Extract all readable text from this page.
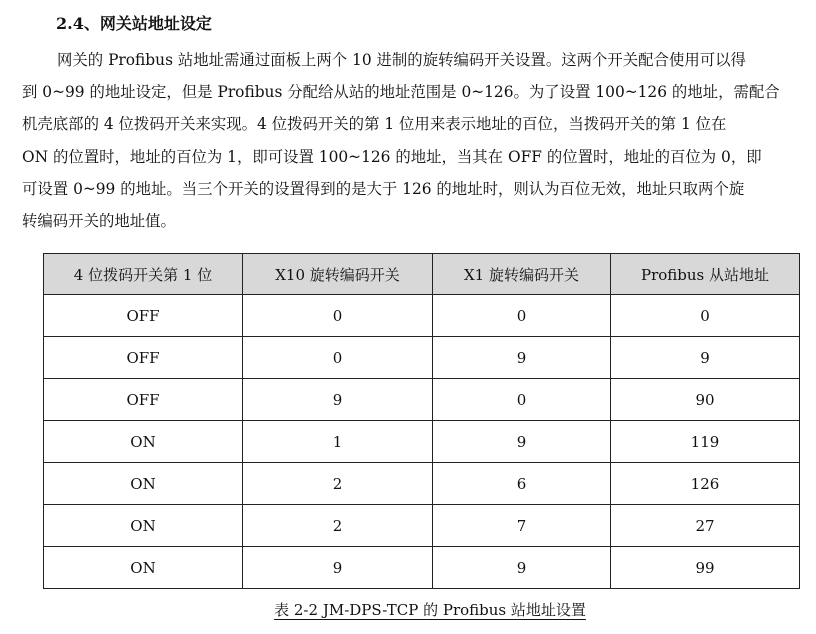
2.4、网关站地址设定
网关的 Profibus 站地址需通过面板上两个 10 进制的旋转编码开关设置。这两个开关配合使用可以得
到 0~99 的地址设定，但是 Profibus 分配给从站的地址范围是 0~126。为了设置 100~126 的地址，需配合
机壳底部的 4 位拨码开关来实现。4 位拨码开关的第 1 位用来表示地址的百位，当拨码开关的第 1 位在
ON 的位置时，地址的百位为 1，即可设置 100~126 的地址，当其在 OFF 的位置时，地址的百位为 0，即
可设置 0~99 的地址。当三个开关的设置得到的是大于 126 的地址时，则认为百位无效，地址只取两个旋
转编码开关的地址值。
4 位拨码开关第 1 位	X10 旋转编码开关	X1 旋转编码开关	Profibus 从站地址
OFF	0	0	0
OFF	0	9	9
OFF	9	0	90
ON	1	9	119
ON	2	6	126
ON	2	7	27
ON	9	9	99
表 2-2 JM-DPS-TCP 的 Profibus 站地址设置
